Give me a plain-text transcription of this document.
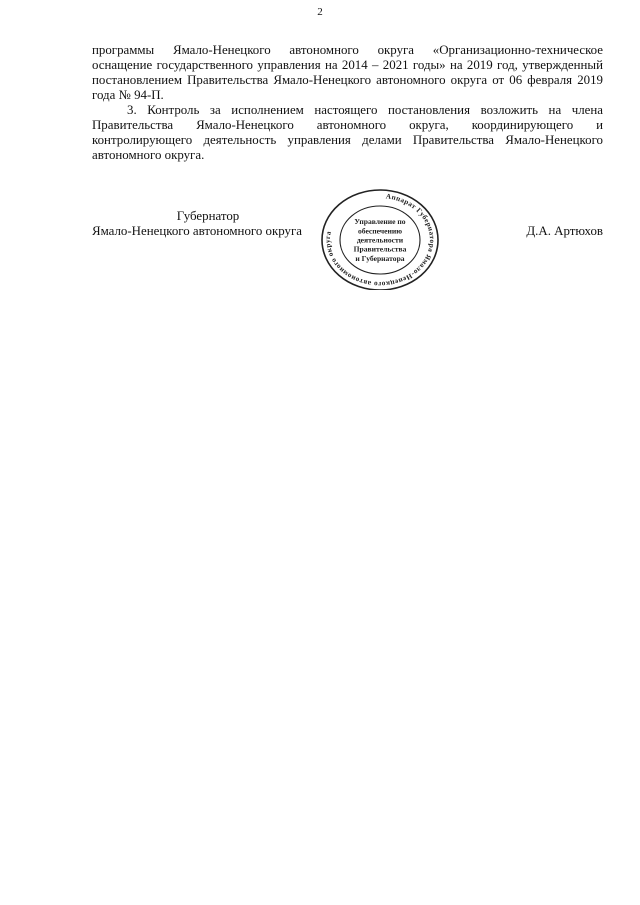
2

программы Ямало-Ненецкого автономного округа «Организационно-техническое оснащение государственного управления на 2014 – 2021 годы» на 2019 год, утвержденный постановлением Правительства Ямало-Ненецкого автономного округа от 06 февраля 2019 года № 94-П.

3. Контроль за исполнением настоящего постановления возложить на члена Правительства Ямало-Ненецкого автономного округа, координирующего и контролирующего деятельность управления делами Правительства Ямало-Ненецкого автономного округа.

Губернатор
Ямало-Ненецкого автономного округа	Д.А. Артюхов
Аппарат Губернатора Ямало-Ненецкого автономного округа
Управление по
обеспечению
деятельности
Правительства
и Губернатора
